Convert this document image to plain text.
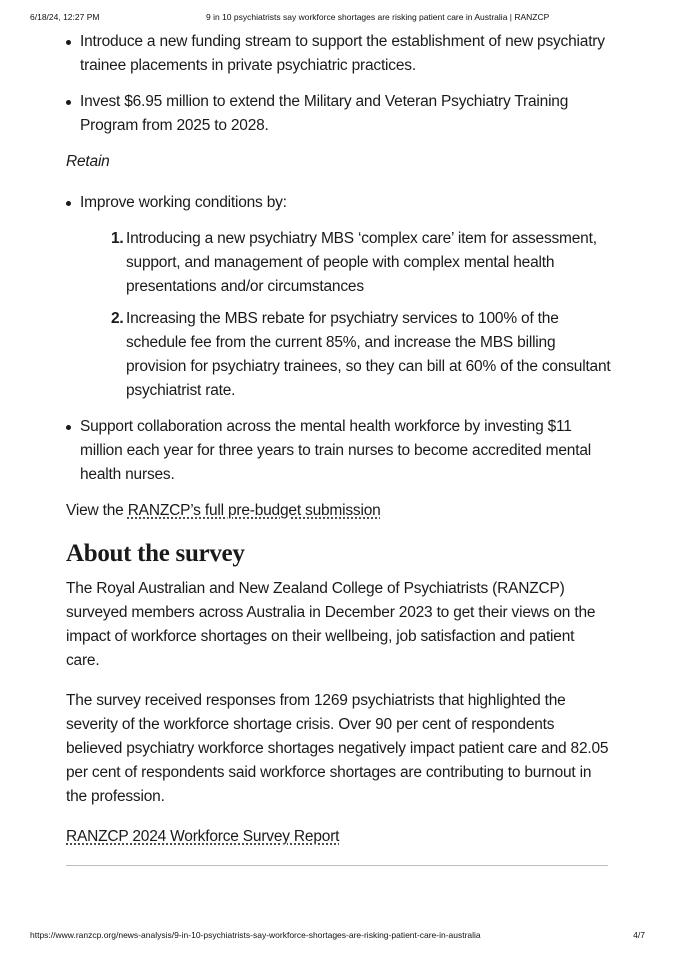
6/18/24, 12:27 PM	9 in 10 psychiatrists say workforce shortages are risking patient care in Australia | RANZCP
Introduce a new funding stream to support the establishment of new psychiatry trainee placements in private psychiatric practices.
Invest $6.95 million to extend the Military and Veteran Psychiatry Training Program from 2025 to 2028.
Retain
Improve working conditions by:
1. Introducing a new psychiatry MBS ‘complex care’ item for assessment, support, and management of people with complex mental health presentations and/or circumstances
2. Increasing the MBS rebate for psychiatry services to 100% of the schedule fee from the current 85%, and increase the MBS billing provision for psychiatry trainees, so they can bill at 60% of the consultant psychiatrist rate.
Support collaboration across the mental health workforce by investing $11 million each year for three years to train nurses to become accredited mental health nurses.

View the RANZCP’s full pre-budget submission

About the survey

The Royal Australian and New Zealand College of Psychiatrists (RANZCP) surveyed members across Australia in December 2023 to get their views on the impact of workforce shortages on their wellbeing, job satisfaction and patient care.

The survey received responses from 1269 psychiatrists that highlighted the severity of the workforce shortage crisis. Over 90 per cent of respondents believed psychiatry workforce shortages negatively impact patient care and 82.05 per cent of respondents said workforce shortages are contributing to burnout in the profession.

RANZCP 2024 Workforce Survey Report

https://www.ranzcp.org/news-analysis/9-in-10-psychiatrists-say-workforce-shortages-are-risking-patient-care-in-australia	4/7
